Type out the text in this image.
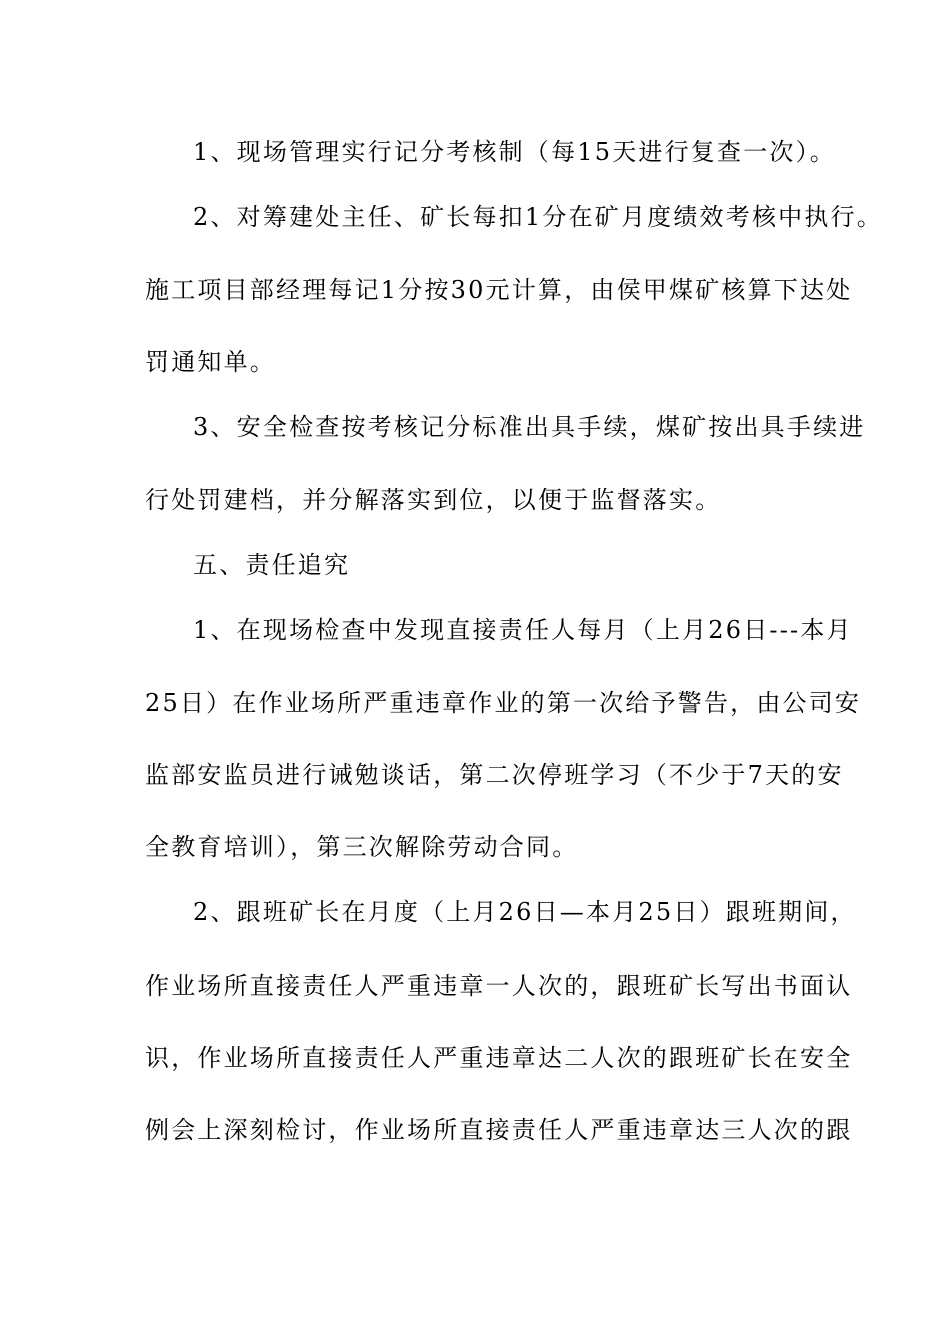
1、现场管理实行记分考核制（每15天进行复查一次）。
2、对筹建处主任、矿长每扣1分在矿月度绩效考核中执行。
施工项目部经理每记1分按30元计算，由侯甲煤矿核算下达处
罚通知单。
3、安全检查按考核记分标准出具手续，煤矿按出具手续进
行处罚建档，并分解落实到位，以便于监督落实。
五、责任追究
1、在现场检查中发现直接责任人每月（上月26日---本月
25日）在作业场所严重违章作业的第一次给予警告，由公司安
监部安监员进行诫勉谈话，第二次停班学习（不少于7天的安
全教育培训），第三次解除劳动合同。
2、跟班矿长在月度（上月26日—本月25日）跟班期间，
作业场所直接责任人严重违章一人次的，跟班矿长写出书面认
识，作业场所直接责任人严重违章达二人次的跟班矿长在安全
例会上深刻检讨，作业场所直接责任人严重违章达三人次的跟
